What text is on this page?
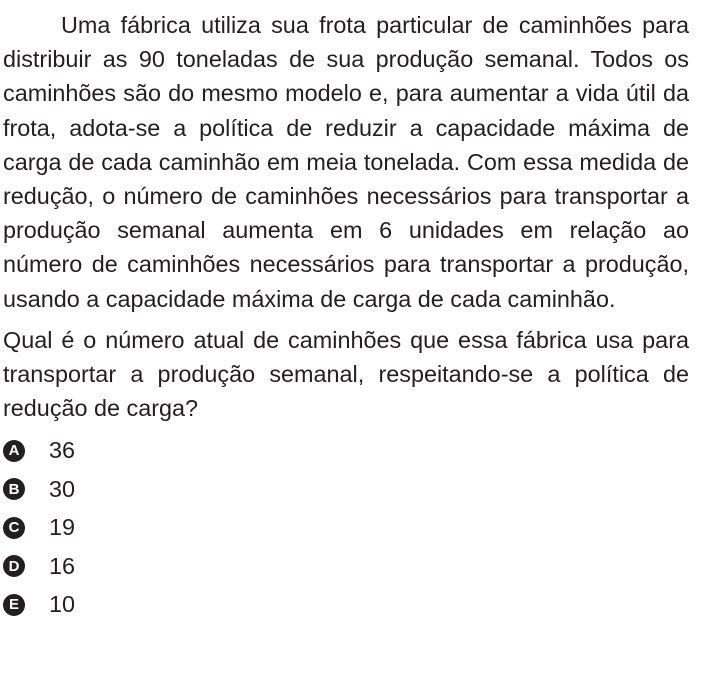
Uma fábrica utiliza sua frota particular de caminhões para distribuir as 90 toneladas de sua produção semanal. Todos os caminhões são do mesmo modelo e, para aumentar a vida útil da frota, adota-se a política de reduzir a capacidade máxima de carga de cada caminhão em meia tonelada. Com essa medida de redução, o número de caminhões necessários para transportar a produção semanal aumenta em 6 unidades em relação ao número de caminhões necessários para transportar a produção, usando a capacidade máxima de carga de cada caminhão.

Qual é o número atual de caminhões que essa fábrica usa para transportar a produção semanal, respeitando-se a política de redução de carga?

A 36
B 30
C 19
D 16
E 10
